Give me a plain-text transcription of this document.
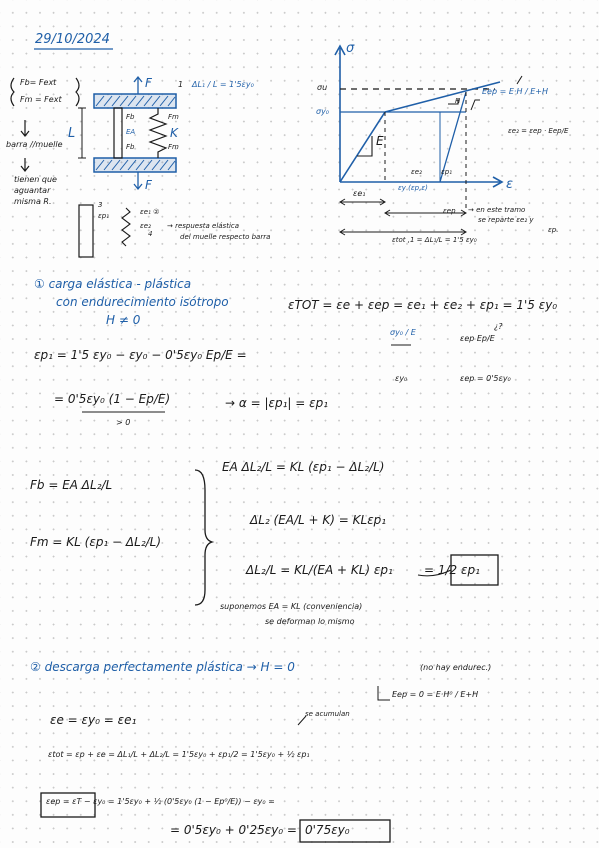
29/10/2024
Fb= Fext
Fm = Fext
barra //muelle
tienen que
aguantar
misma R.
F
F
1 ΔL₁ / L = 1'5εy₀
L
Fb
EA
Fb
Fm
K
Fm
3
4
εp₁	εe₁ ②
εe₂ → respuesta elástica
del muelle respecto barra
σ
σu
σy₀
E
ε
εy (εp,ε)
εe₂	εp₁
εe₁
H
Eep = E·H / E+H
εe₂ = εep · Eep/E
εep → en este tramo
se reparte εe₂ y
εp.
εtot ,1 = ΔL₁/L = 1'5 εy₀
① carga elástica - plástica
con endurecimiento isótropo
H ≠ 0
εTOT = εe + εep = εe₁ + εe₂ + εp₁ = 1'5 εy₀
σy₀ / E
εep Ep/E
¿?
εy₀	εep = 0'5εy₀
εp₁ = 1'5 εy₀ − εy₀ − 0'5εy₀ Ep/E =
= 0'5εy₀ (1 − Ep/E)
> 0
→ α = |εp₁| = εp₁
Fb = EA ΔL₂/L
Fm = KL (εp₁ − ΔL₂/L)
EA ΔL₂/L = KL (εp₁ − ΔL₂/L)
ΔL₂ (EA/L + K) = KLεp₁
ΔL₂/L = KL/(EA + KL) εp₁	= 1/2 εp₁
suponemos EA = KL (conveniencia)
se deforman lo mismo
② descarga perfectamente plástica → H = 0	(no hay endurec.)
Eep = 0 = E·H⁰ / E+H
se acumulan
εe = εy₀ = εe₁
εtot = εp + εe = ΔL₁/L + ΔL₂/L = 1'5εy₀ + εp₁/2 = 1'5εy₀ + ½ εp₁
εep = εT − εy₀ = 1'5εy₀ + ½ (0'5εy₀ (1 − Ep⁰/E)) − εy₀ =
= 0'5εy₀ + 0'25εy₀ = 0'75εy₀
